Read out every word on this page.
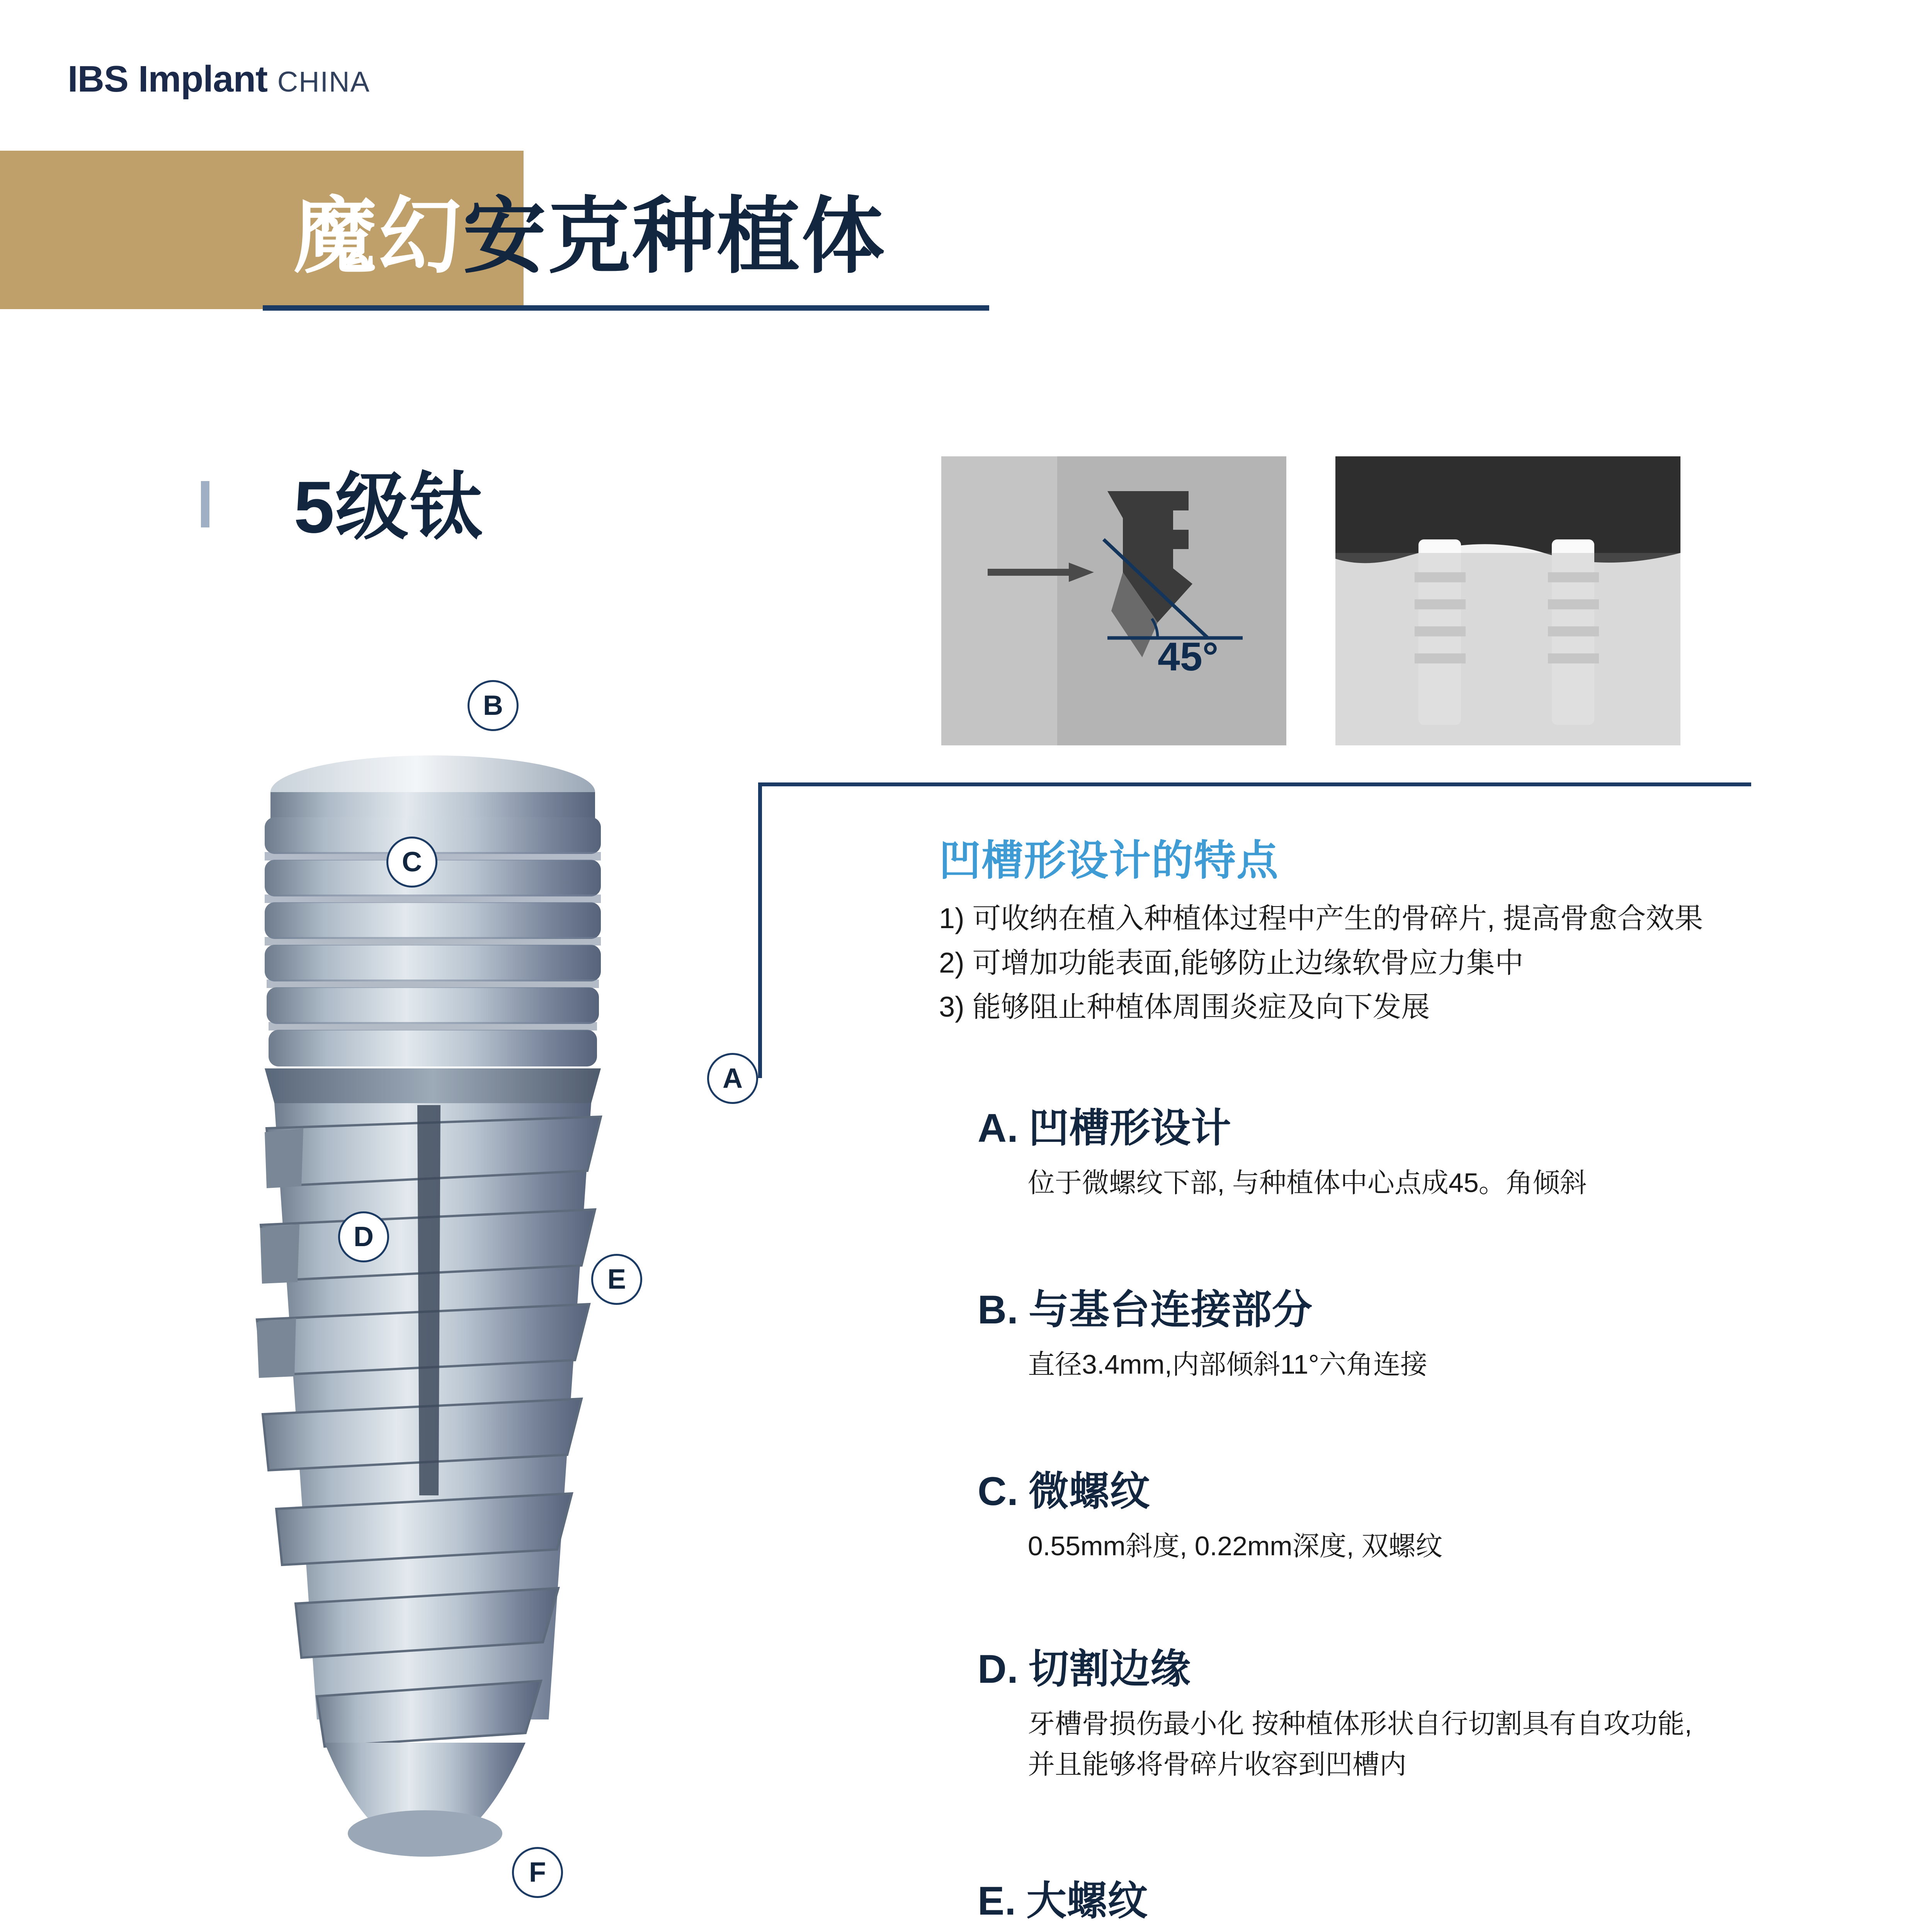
IBS Implant CHINA
魔幻安克种植体
5级钛
B
C
A
D
E
F
45°
凹槽形设计的特点
1) 可收纳在植入种植体过程中产生的骨碎片, 提高骨愈合效果
2) 可增加功能表面,能够防止边缘软骨应力集中
3) 能够阻止种植体周围炎症及向下发展
A. 凹槽形设计
位于微螺纹下部, 与种植体中心点成45。角倾斜
B. 与基台连接部分
直径3.4mm,内部倾斜11°六角连接
C. 微螺纹
0.55mm斜度, 0.22mm深度, 双螺纹
D. 切割边缘
牙槽骨损伤最小化 按种植体形状自行切割具有自攻功能,
并且能够将骨碎片收容到凹槽内
E. 大螺纹
